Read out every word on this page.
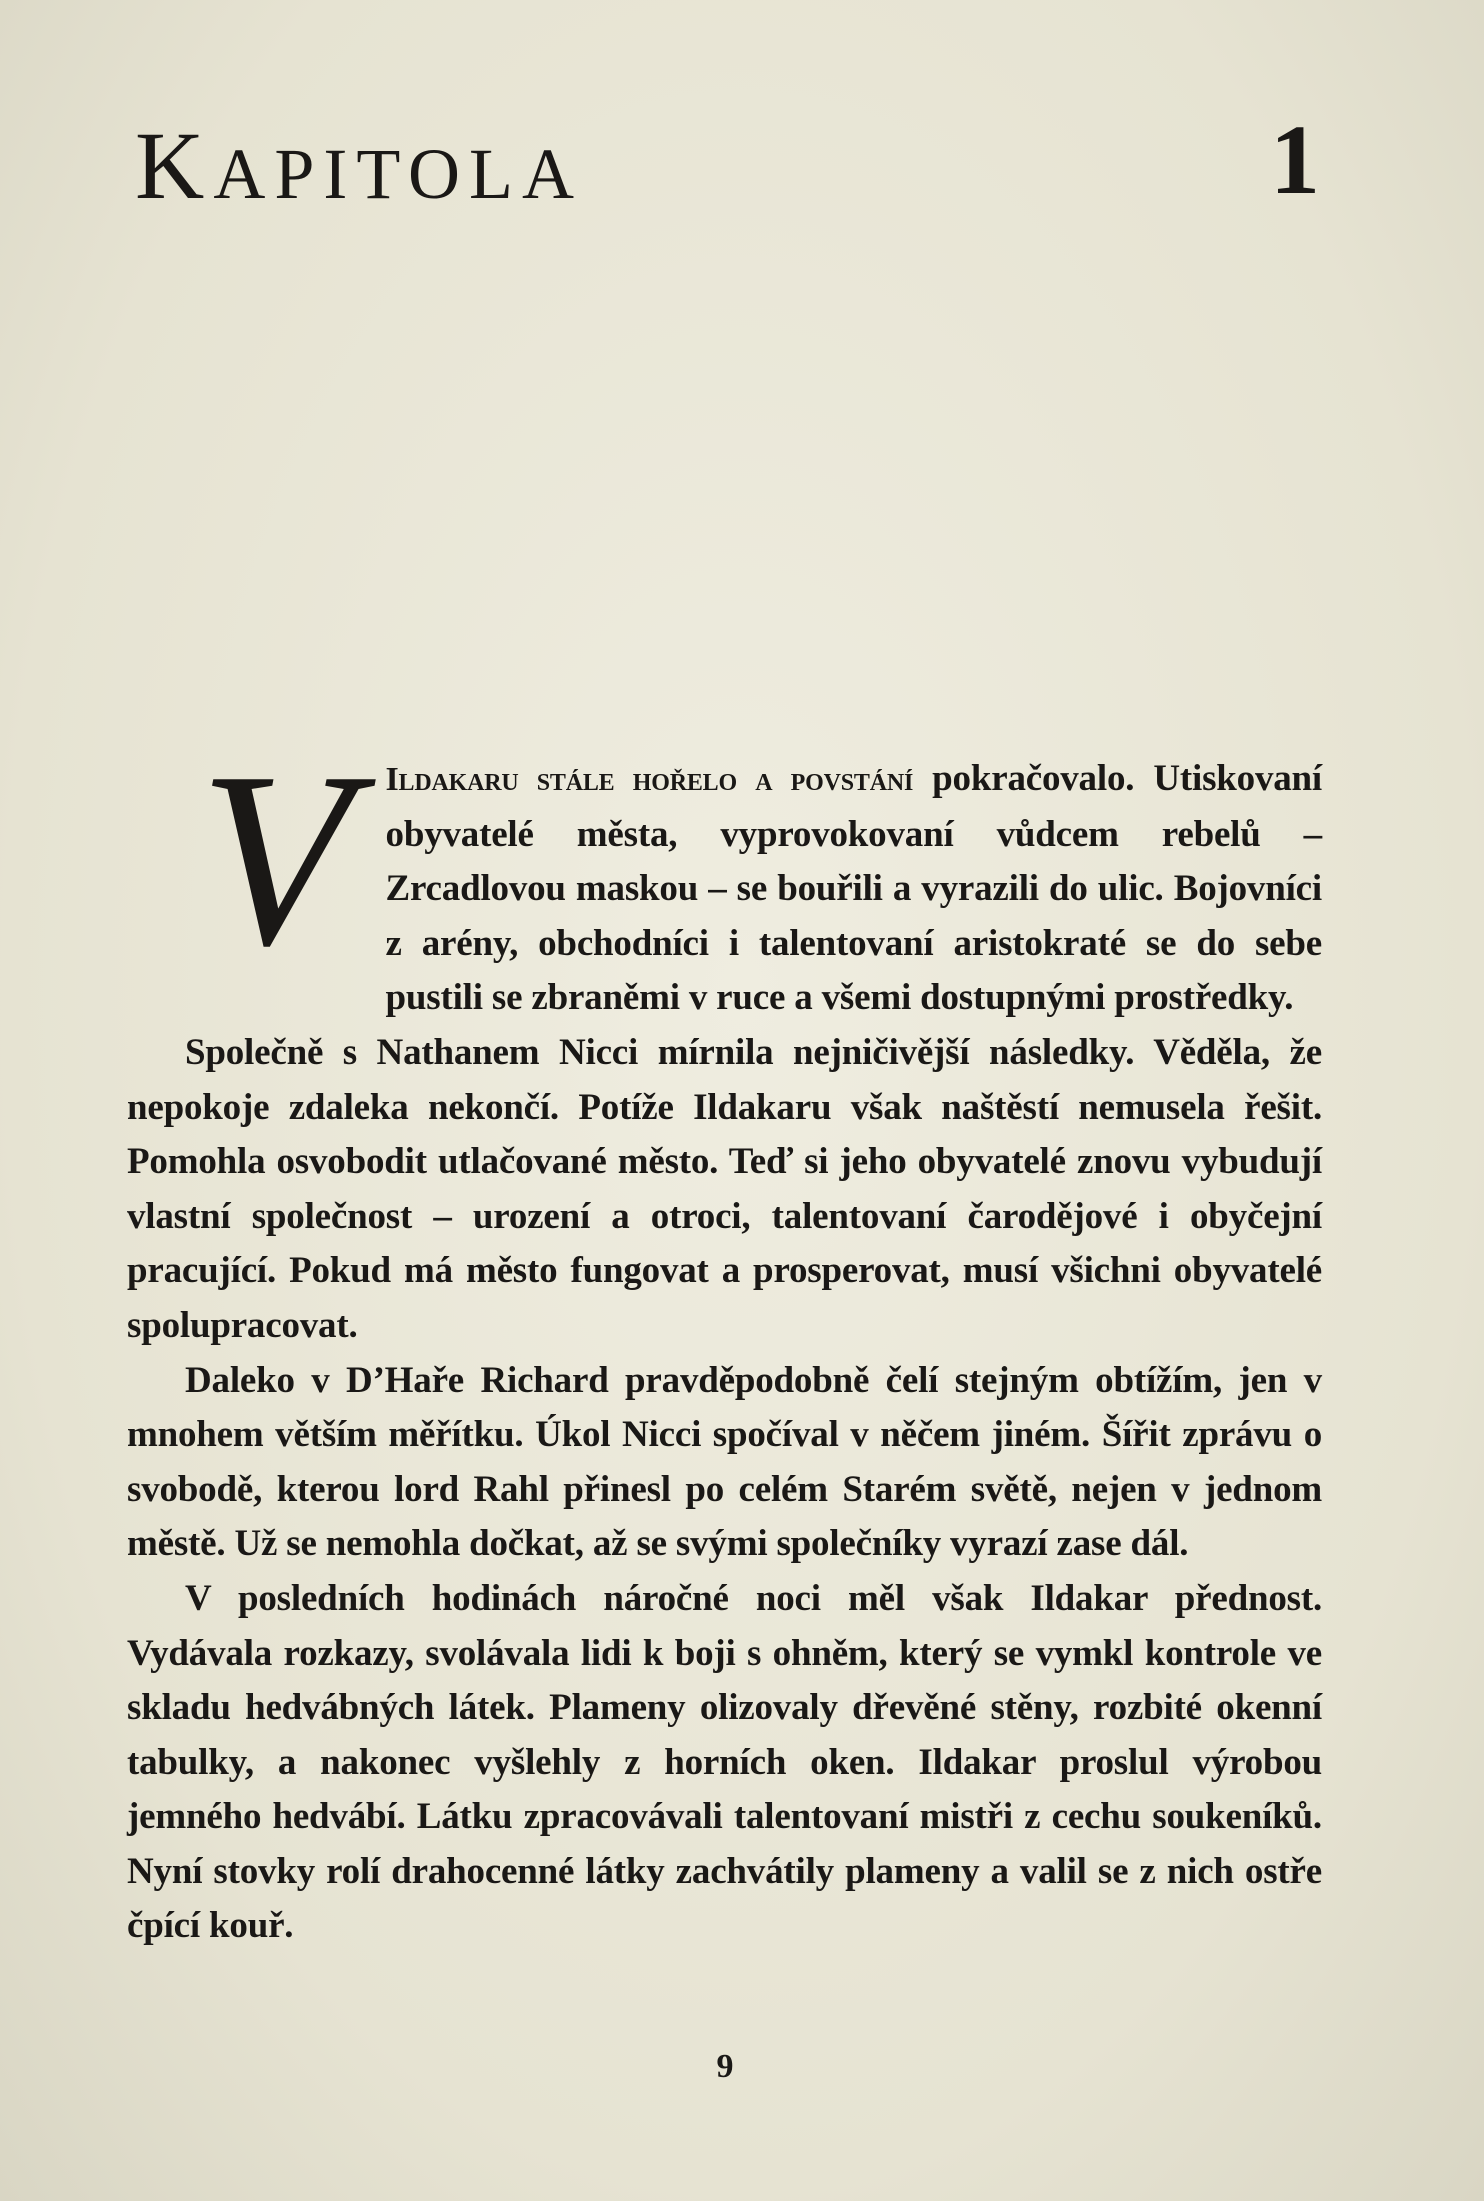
KAPITOLA	1

V Ildakaru stále hořelo a povstání pokračovalo. Utiskovaní obyvatelé města, vyprovokovaní vůdcem rebelů – Zrcadlovou maskou – se bouřili a vyrazili do ulic. Bojovníci z arény, obchodníci i talentovaní aristokraté se do sebe pustili se zbraněmi v ruce a všemi dostupnými prostředky.

Společně s Nathanem Nicci mírnila nejničivější následky. Věděla, že nepokoje zdaleka nekončí. Potíže Ildakaru však naštěstí nemusela řešit. Pomohla osvobodit utlačované město. Teď si jeho obyvatelé znovu vybudují vlastní společnost – urození a otroci, talentovaní čarodějové i obyčejní pracující. Pokud má město fungovat a prosperovat, musí všichni obyvatelé spolupracovat.

Daleko v D’Haře Richard pravděpodobně čelí stejným obtížím, jen v mnohem větším měřítku. Úkol Nicci spočíval v něčem jiném. Šířit zprávu o svobodě, kterou lord Rahl přinesl po celém Starém světě, nejen v jednom městě. Už se nemohla dočkat, až se svými společníky vyrazí zase dál.

V posledních hodinách náročné noci měl však Ildakar přednost. Vydávala rozkazy, svolávala lidi k boji s ohněm, který se vymkl kontrole ve skladu hedvábných látek. Plameny olizovaly dřevěné stěny, rozbité okenní tabulky, a nakonec vyšlehly z horních oken. Ildakar proslul výrobou jemného hedvábí. Látku zpracovávali talentovaní mistři z cechu soukeníků. Nyní stovky rolí drahocenné látky zachvátily plameny a valil se z nich ostře čpící kouř.

9
